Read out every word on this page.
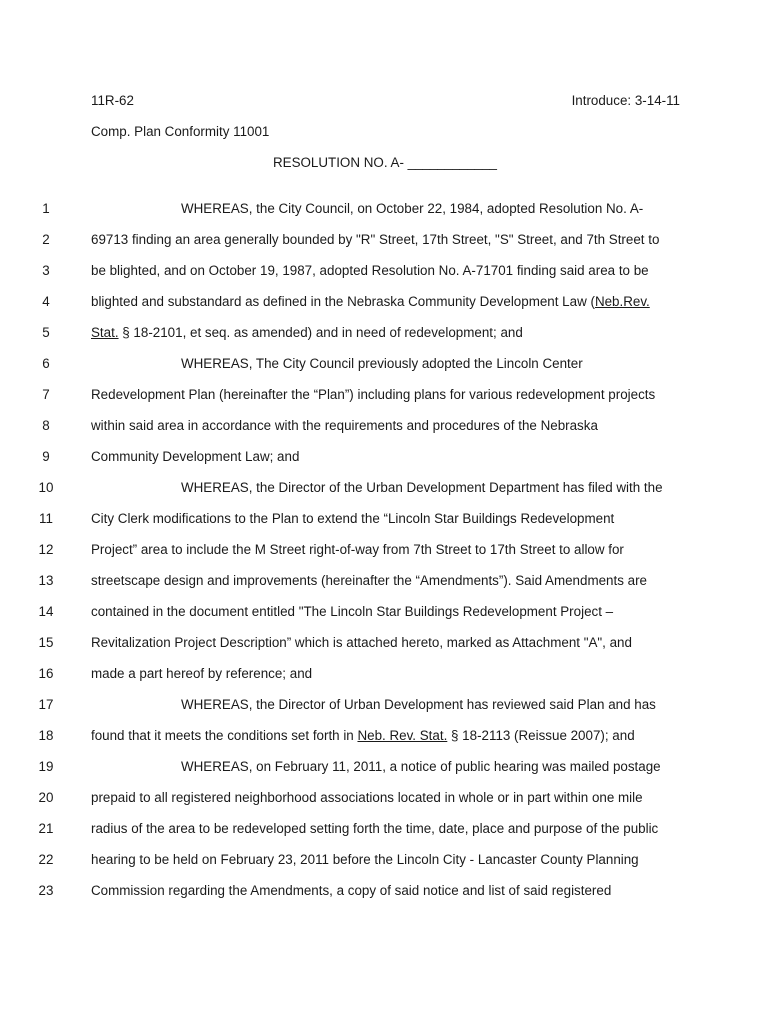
11R-62	Introduce: 3-14-11
Comp. Plan Conformity 11001
RESOLUTION NO. A- ____________
1	WHEREAS, the City Council, on October 22, 1984, adopted Resolution No. A-
2	69713 finding an area generally bounded by "R" Street, 17th Street, "S" Street, and 7th Street to
3	be blighted, and on October 19, 1987, adopted Resolution No. A-71701 finding said area to be
4	blighted and substandard as defined in the Nebraska Community Development Law (Neb.Rev.
5	Stat. § 18-2101, et seq. as amended) and in need of redevelopment; and
6	WHEREAS, The City Council previously adopted the Lincoln Center
7	Redevelopment Plan (hereinafter the “Plan”) including plans for various redevelopment projects
8	within said area in accordance with the requirements and procedures of the Nebraska
9	Community Development Law; and
10	WHEREAS, the Director of the Urban Development Department has filed with the
11	City Clerk modifications to the Plan to extend the “Lincoln Star Buildings Redevelopment
12	Project” area to include the M Street right-of-way from 7th Street to 17th Street to allow for
13	streetscape design and improvements (hereinafter the “Amendments”). Said Amendments are
14	contained in the document entitled "The Lincoln Star Buildings Redevelopment Project –
15	Revitalization Project Description” which is attached hereto, marked as Attachment "A", and
16	made a part hereof by reference; and
17	WHEREAS, the Director of Urban Development has reviewed said Plan and has
18	found that it meets the conditions set forth in Neb. Rev. Stat. § 18-2113 (Reissue 2007); and
19	WHEREAS, on February 11, 2011, a notice of public hearing was mailed postage
20	prepaid to all registered neighborhood associations located in whole or in part within one mile
21	radius of the area to be redeveloped setting forth the time, date, place and purpose of the public
22	hearing to be held on February 23, 2011 before the Lincoln City - Lancaster County Planning
23	Commission regarding the Amendments, a copy of said notice and list of said registered
